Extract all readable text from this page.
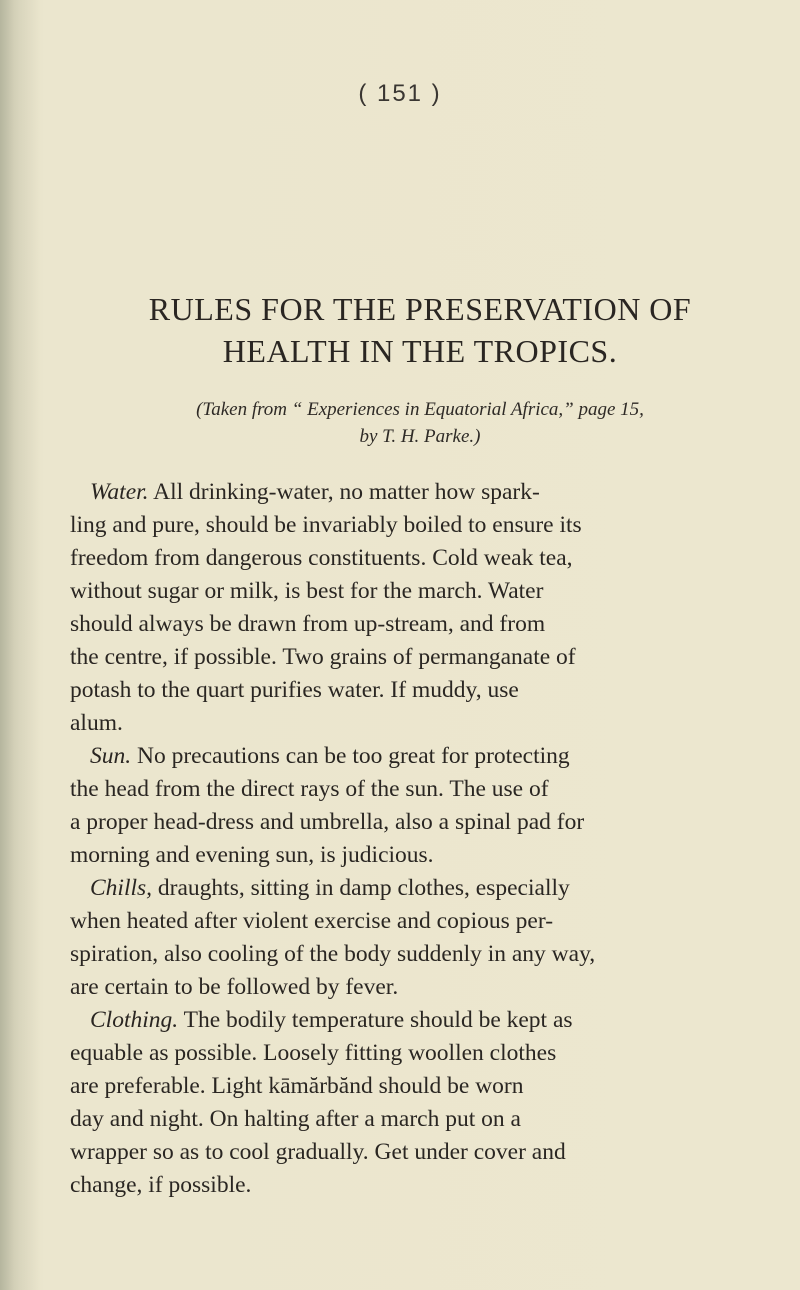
( 151 )
RULES FOR THE PRESERVATION OF
HEALTH IN THE TROPICS.
(Taken from “ Experiences in Equatorial Africa,” page 15,
by T. H. Parke.)
Water. All drinking-water, no matter how spark-
ling and pure, should be invariably boiled to ensure its
freedom from dangerous constituents. Cold weak tea,
without sugar or milk, is best for the march. Water
should always be drawn from up-stream, and from
the centre, if possible. Two grains of permanganate of
potash to the quart purifies water. If muddy, use
alum.
Sun. No precautions can be too great for protecting
the head from the direct rays of the sun. The use of
a proper head-dress and umbrella, also a spinal pad for
morning and evening sun, is judicious.
Chills, draughts, sitting in damp clothes, especially
when heated after violent exercise and copious per-
spiration, also cooling of the body suddenly in any way,
are certain to be followed by fever.
Clothing. The bodily temperature should be kept as
equable as possible. Loosely fitting woollen clothes
are preferable. Light kāmărbănd should be worn
day and night. On halting after a march put on a
wrapper so as to cool gradually. Get under cover and
change, if possible.
